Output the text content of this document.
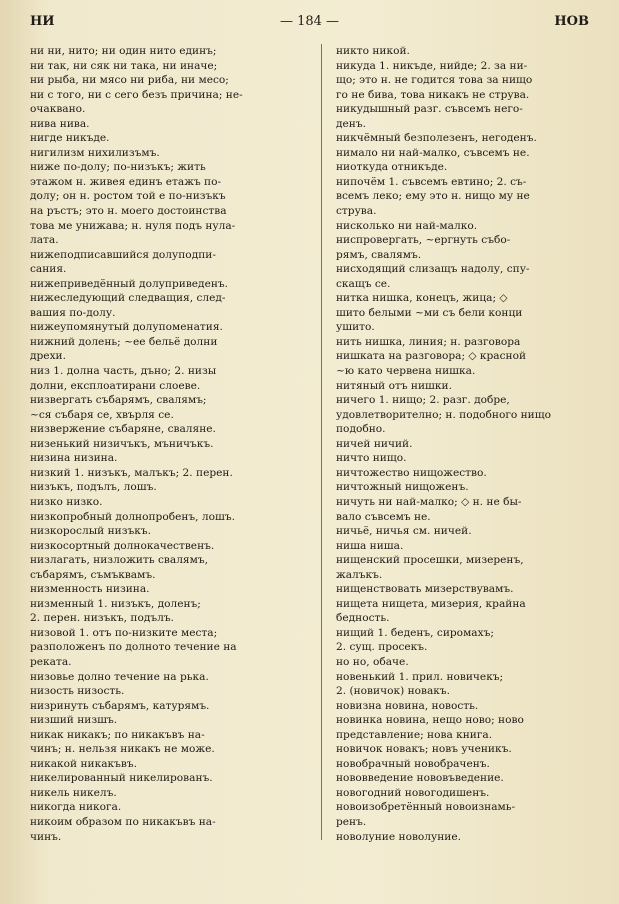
НИ	— 184 —	НОВ

ни ни, нито; ни один нито единъ;

ни так, ни сяк ни така, ни иначе;

ни рыба, ни мясо ни риба, ни месо;

ни с того, ни с сего безъ причина; не-

очаквано.

нива нива.

нигде никъде.

нигилизм нихилизъмъ.

ниже по-долу; по-низъкъ; жить

этажом н. живея единъ етажъ по-

долу; он н. ростом той е по-низъкъ

на ръстъ; это н. моего достоинства

това ме унижава; н. нуля подъ нула-

лата.

нижеподписавшийся долуподпи-

сания.

нижеприведённый долуприведенъ.

нижеследующий следващия, след-

вашия по-долу.

нижеупомянутый долупоменатия.

нижний долень; ~ее бельё долни

дрехи.

низ 1. долна часть, дъно; 2. низы

долни, експлоатирани слоеве.

низвергать събарямъ, свалямъ;

~ся събаря се, хвърля се.

низвержение събаряне, сваляне.

низенький низичъкъ, мъничъкъ.

низина низина.

низкий 1. низъкъ, малъкъ; 2. перен.

низъкъ, подълъ, лошъ.

низко низко.

низкопробный долнопробенъ, лошъ.

низкорослый низъкъ.

низкосортный долнокачественъ.

низлагать, низложить свалямъ,

събарямъ, съмъквамъ.

низменность низина.

низменный 1. низъкъ, доленъ;

2. перен. низъкъ, подълъ.

низовой 1. отъ по-низките места;

разположенъ по долното течение на

реката.

низовье долно течение на рька.

низость низость.

низринуть събарямъ, катурямъ.

низший низшъ.

никак никакъ; по никакъвъ на-

чинъ; н. нельзя никакъ не може.

никакой никакъвъ.

никелированный никелированъ.

никель никелъ.

никогда никога.

никоим образом по никакъвъ на-

чинъ.

никто никой.

никуда 1. никъде, нийде; 2. за ни-

що; это н. не годится това за нищо

го не бива, това никакъ не струва.

никудышный разг. съвсемъ него-

денъ.

никчёмный безполезенъ, негоденъ.

нимало ни най-малко, съвсемъ не.

ниоткуда отникъде.

нипочём 1. съвсемъ евтино; 2. съ-

всемъ леко; ему это н. нищо му не

струва.

нисколько ни най-малко.

ниспровергать, ~ергнуть събо-

рямъ, свалямъ.

нисходящий слизащъ надолу, спу-

скащъ се.

нитка нишка, конецъ, жица; ◇

шито белыми ~ми съ бели конци

ушито.

нить нишка, линия; н. разговора

нишката на разговора; ◇ красной

~ю като червена нишка.

нитяный отъ нишки.

ничего 1. нищо; 2. разг. добре,

удовлетворително; н. подобного нищо

подобно.

ничей ничий.

ничто нищо.

ничтожество нищожество.

ничтожный нищоженъ.

ничуть ни най-малко; ◇ н. не бы-

вало съвсемъ не.

ничьё, ничья см. ничей.

ниша ниша.

нищенский просешки, мизеренъ,

жалъкъ.

нищенствовать мизерствувамъ.

нищета нищета, мизерия, крайна

бедность.

нищий 1. беденъ, сиромахъ;

2. сущ. просекъ.

но но, обаче.

новенький 1. прил. новичекъ;

2. (новичок) новакъ.

новизна новина, новость.

новинка новина, нещо ново; ново

представление; нова книга.

новичок новакъ; новъ ученикъ.

новобрачный новобраченъ.

нововведение нововъведение.

новогодний новогодишенъ.

новоизобретённый новоизнамь-

ренъ.

новолуние новолуние.
